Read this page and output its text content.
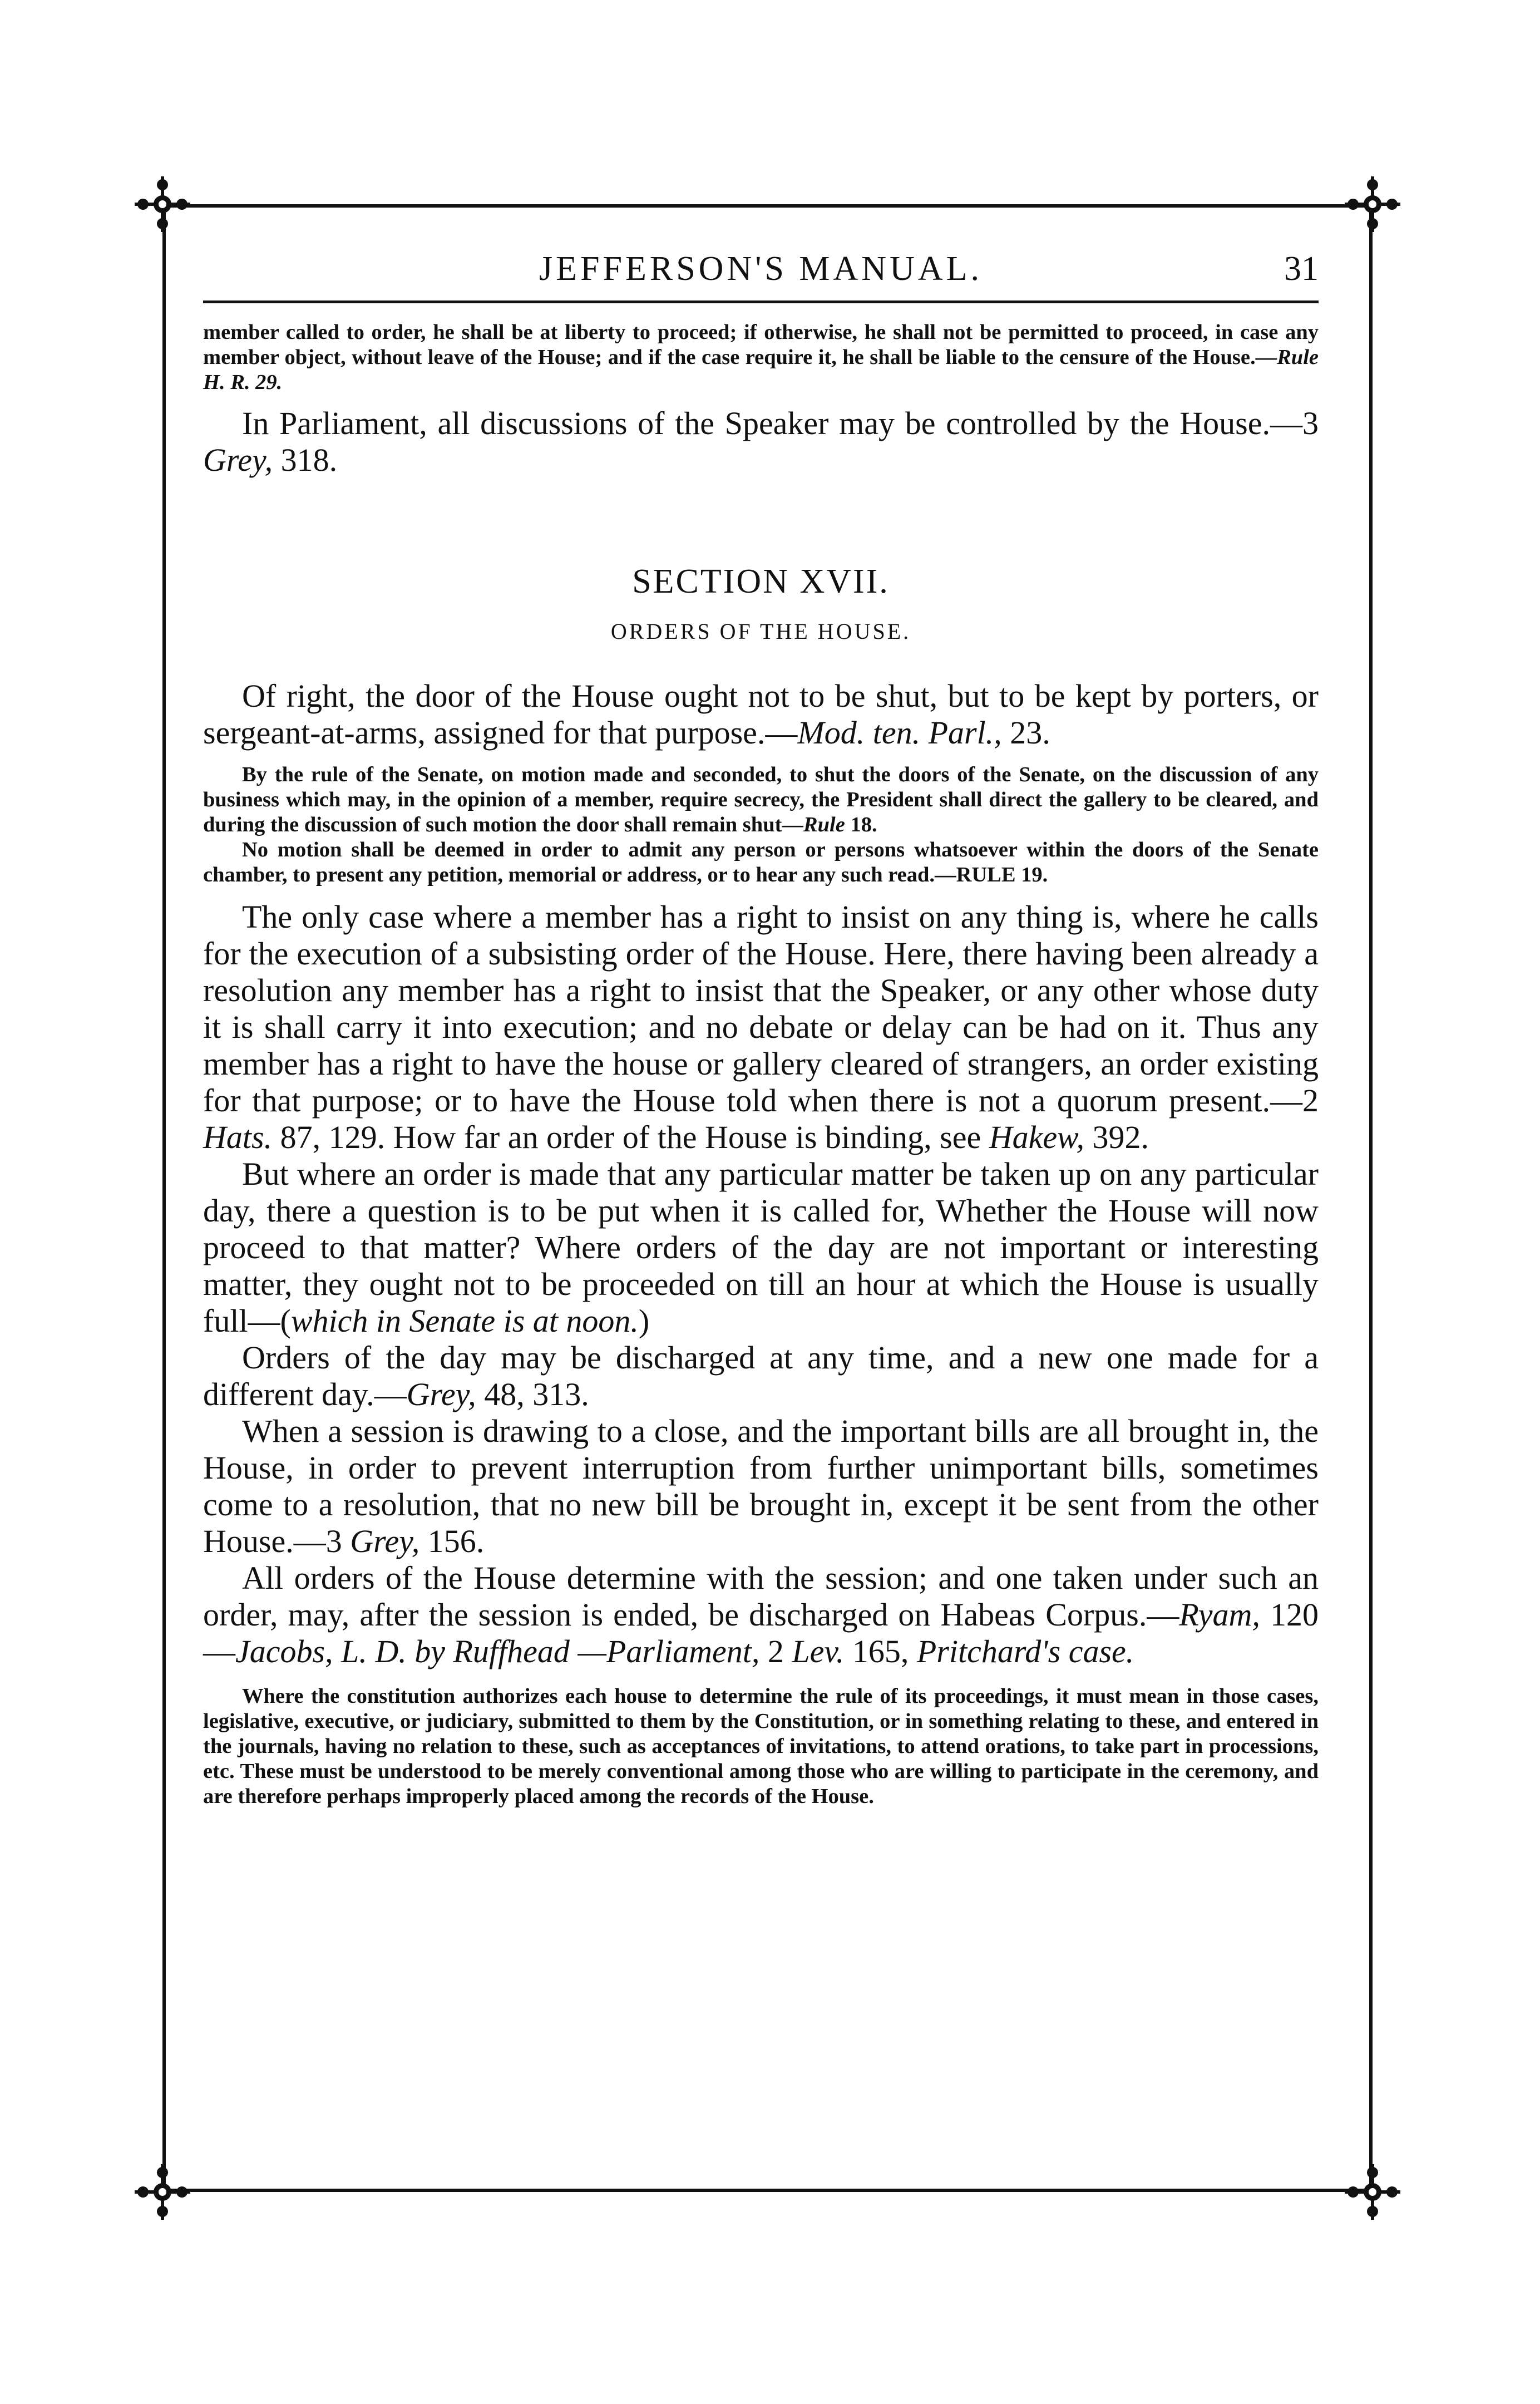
JEFFERSON'S MANUAL.	31

member called to order, he shall be at liberty to proceed; if otherwise, he shall not be permitted to proceed, in case any member object, without leave of the House; and if the case require it, he shall be liable to the censure of the House.—Rule H. R. 29.

In Parliament, all discussions of the Speaker may be controlled by the House.—3 Grey, 318.

SECTION XVII.
ORDERS OF THE HOUSE.

Of right, the door of the House ought not to be shut, but to be kept by porters, or sergeant-at-arms, assigned for that purpose.—Mod. ten. Parl., 23.

By the rule of the Senate, on motion made and seconded, to shut the doors of the Senate, on the discussion of any business which may, in the opinion of a member, require secrecy, the President shall direct the gallery to be cleared, and during the discussion of such motion the door shall remain shut—Rule 18.

No motion shall be deemed in order to admit any person or persons whatsoever within the doors of the Senate chamber, to present any petition, memorial or address, or to hear any such read.—RULE 19.

The only case where a member has a right to insist on any thing is, where he calls for the execution of a subsisting order of the House. Here, there having been already a resolution any member has a right to insist that the Speaker, or any other whose duty it is shall carry it into execution; and no debate or delay can be had on it. Thus any member has a right to have the house or gallery cleared of strangers, an order existing for that purpose; or to have the House told when there is not a quorum present.—2 Hats. 87, 129. How far an order of the House is binding, see Hakew, 392.

But where an order is made that any particular matter be taken up on any particular day, there a question is to be put when it is called for, Whether the House will now proceed to that matter? Where orders of the day are not important or interesting matter, they ought not to be proceeded on till an hour at which the House is usually full—(which in Senate is at noon.)

Orders of the day may be discharged at any time, and a new one made for a different day.—Grey, 48, 313.

When a session is drawing to a close, and the important bills are all brought in, the House, in order to prevent interruption from further unimportant bills, sometimes come to a resolution, that no new bill be brought in, except it be sent from the other House.—3 Grey, 156.

All orders of the House determine with the session; and one taken under such an order, may, after the session is ended, be discharged on Habeas Corpus.—Ryam, 120—Jacobs, L. D. by Ruffhead —Parliament, 2 Lev. 165, Pritchard's case.

Where the constitution authorizes each house to determine the rule of its proceedings, it must mean in those cases, legislative, executive, or judiciary, submitted to them by the Constitution, or in something relating to these, and entered in the journals, having no relation to these, such as acceptances of invitations, to attend orations, to take part in processions, etc. These must be understood to be merely conventional among those who are willing to participate in the ceremony, and are therefore perhaps improperly placed among the records of the House.
